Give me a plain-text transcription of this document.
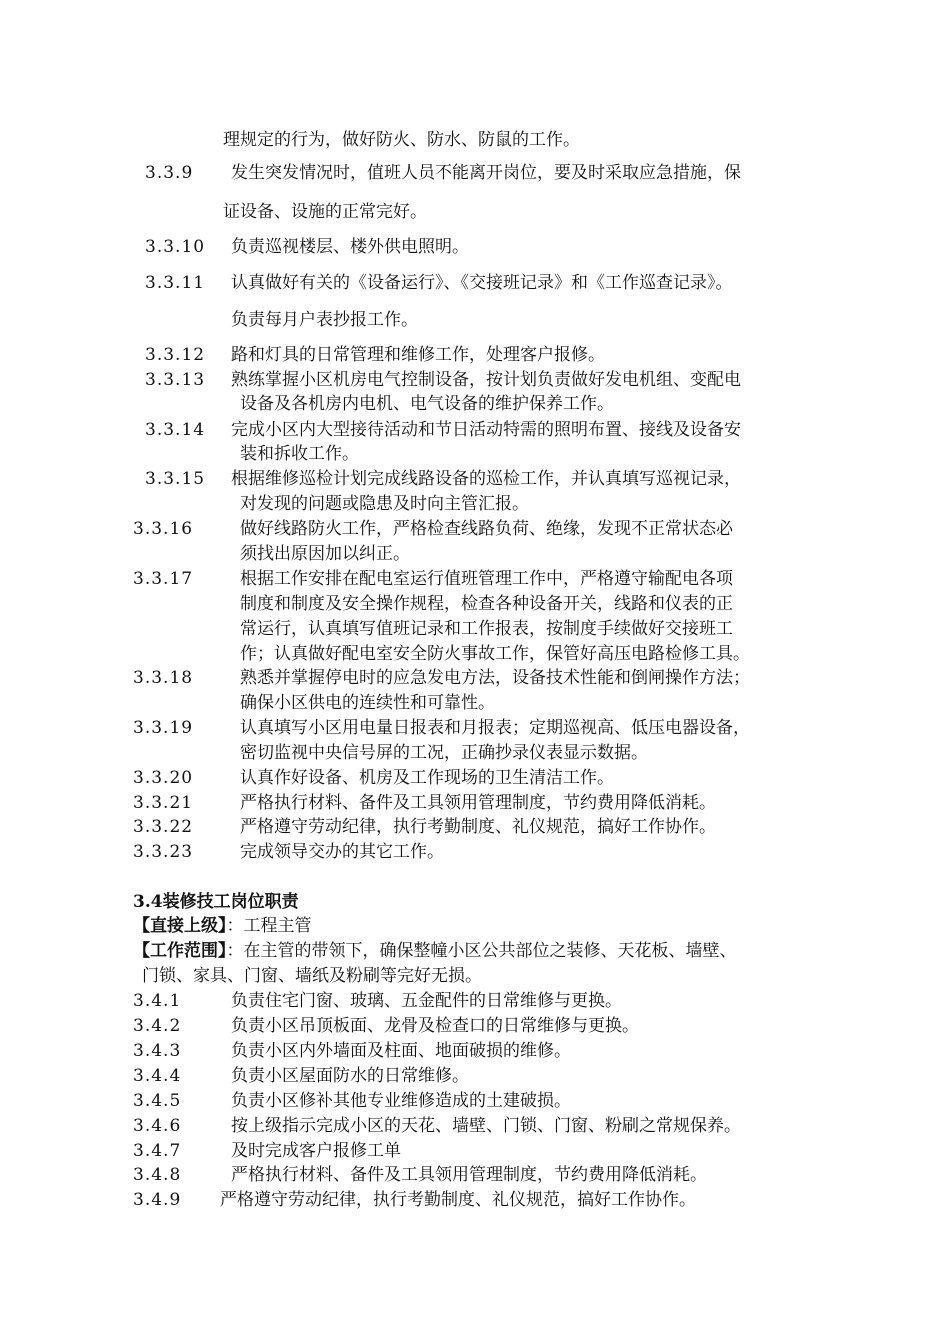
理规定的行为，做好防火、防水、防鼠的工作。
3.3.9 发生突发情况时，值班人员不能离开岗位，要及时采取应急措施，保
证设备、设施的正常完好。
3.3.10 负责巡视楼层、楼外供电照明。
3.3.11 认真做好有关的《设备运行》、《交接班记录》和《工作巡查记录》。
负责每月户表抄报工作。
3.3.12 路和灯具的日常管理和维修工作，处理客户报修。
3.3.13 熟练掌握小区机房电气控制设备，按计划负责做好发电机组、变配电
设备及各机房内电机、电气设备的维护保养工作。
3.3.14 完成小区内大型接待活动和节日活动特需的照明布置、接线及设备安
装和拆收工作。
3.3.15 根据维修巡检计划完成线路设备的巡检工作，并认真填写巡视记录，
对发现的问题或隐患及时向主管汇报。
3.3.16	做好线路防火工作，严格检查线路负荷、绝缘，发现不正常状态必
须找出原因加以纠正。
3.3.17	根据工作安排在配电室运行值班管理工作中，严格遵守输配电各项
制度和制度及安全操作规程，检查各种设备开关，线路和仪表的正
常运行，认真填写值班记录和工作报表，按制度手续做好交接班工
作；认真做好配电室安全防火事故工作，保管好高压电路检修工具。
3.3.18	熟悉并掌握停电时的应急发电方法，设备技术性能和倒闸操作方法；
确保小区供电的连续性和可靠性。
3.3.19	认真填写小区用电量日报表和月报表；定期巡视高、低压电器设备，
密切监视中央信号屏的工况，正确抄录仪表显示数据。
3.3.20	认真作好设备、机房及工作现场的卫生清洁工作。
3.3.21	严格执行材料、备件及工具领用管理制度，节约费用降低消耗。
3.3.22	严格遵守劳动纪律，执行考勤制度、礼仪规范，搞好工作协作。
3.3.23	完成领导交办的其它工作。
3.4装修技工岗位职责
【直接上级】：工程主管
【工作范围】：在主管的带领下，确保整幢小区公共部位之装修、天花板、墙壁、
门锁、家具、门窗、墙纸及粉刷等完好无损。
3.4.1	负责住宅门窗、玻璃、五金配件的日常维修与更换。
3.4.2	负责小区吊顶板面、龙骨及检查口的日常维修与更换。
3.4.3	负责小区内外墙面及柱面、地面破损的维修。
3.4.4	负责小区屋面防水的日常维修。
3.4.5	负责小区修补其他专业维修造成的土建破损。
3.4.6	按上级指示完成小区的天花、墙壁、门锁、门窗、粉刷之常规保养。
3.4.7	及时完成客户报修工单
3.4.8	严格执行材料、备件及工具领用管理制度，节约费用降低消耗。
3.4.9 严格遵守劳动纪律，执行考勤制度、礼仪规范，搞好工作协作。
